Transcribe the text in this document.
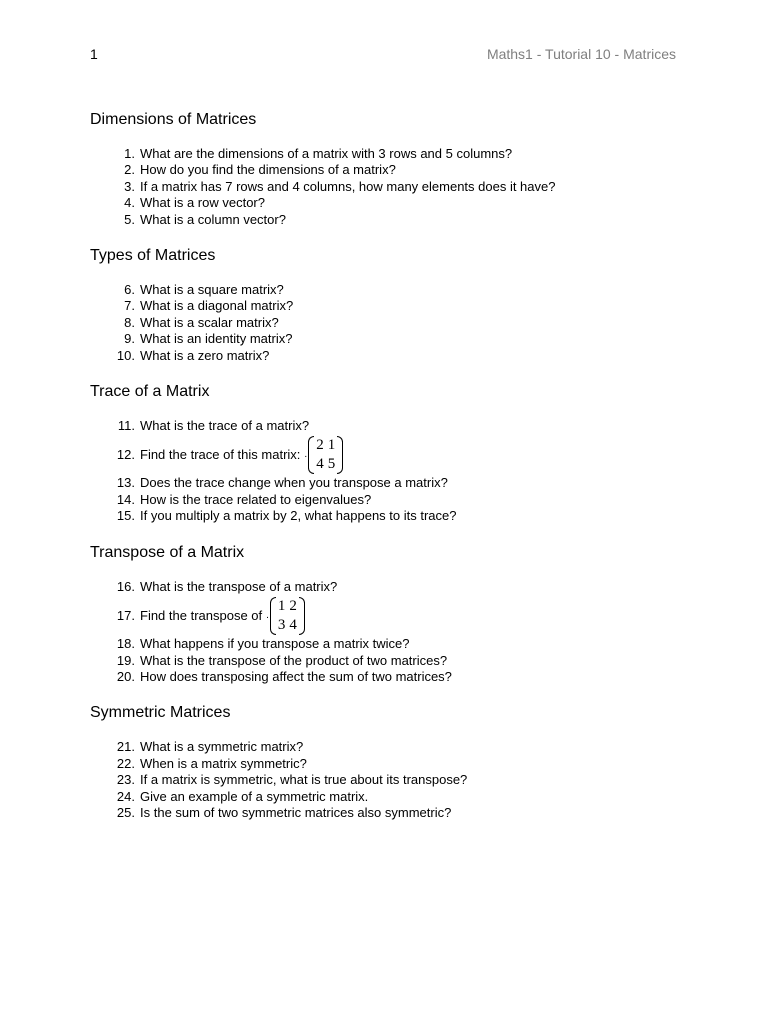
1	Maths1 - Tutorial 10 - Matrices
Dimensions of Matrices
1. What are the dimensions of a matrix with 3 rows and 5 columns?
2. How do you find the dimensions of a matrix?
3. If a matrix has 7 rows and 4 columns, how many elements does it have?
4. What is a row vector?
5. What is a column vector?
Types of Matrices
6. What is a square matrix?
7. What is a diagonal matrix?
8. What is a scalar matrix?
9. What is an identity matrix?
10. What is a zero matrix?
Trace of a Matrix
11. What is the trace of a matrix?
12. Find the trace of this matrix: .
2 1
4 5
13. Does the trace change when you transpose a matrix?
14. How is the trace related to eigenvalues?
15. If you multiply a matrix by 2, what happens to its trace?
Transpose of a Matrix
16. What is the transpose of a matrix?
17. Find the transpose of .
1 2
3 4
18. What happens if you transpose a matrix twice?
19. What is the transpose of the product of two matrices?
20. How does transposing affect the sum of two matrices?
Symmetric Matrices
21. What is a symmetric matrix?
22. When is a matrix symmetric?
23. If a matrix is symmetric, what is true about its transpose?
24. Give an example of a symmetric matrix.
25. Is the sum of two symmetric matrices also symmetric?
